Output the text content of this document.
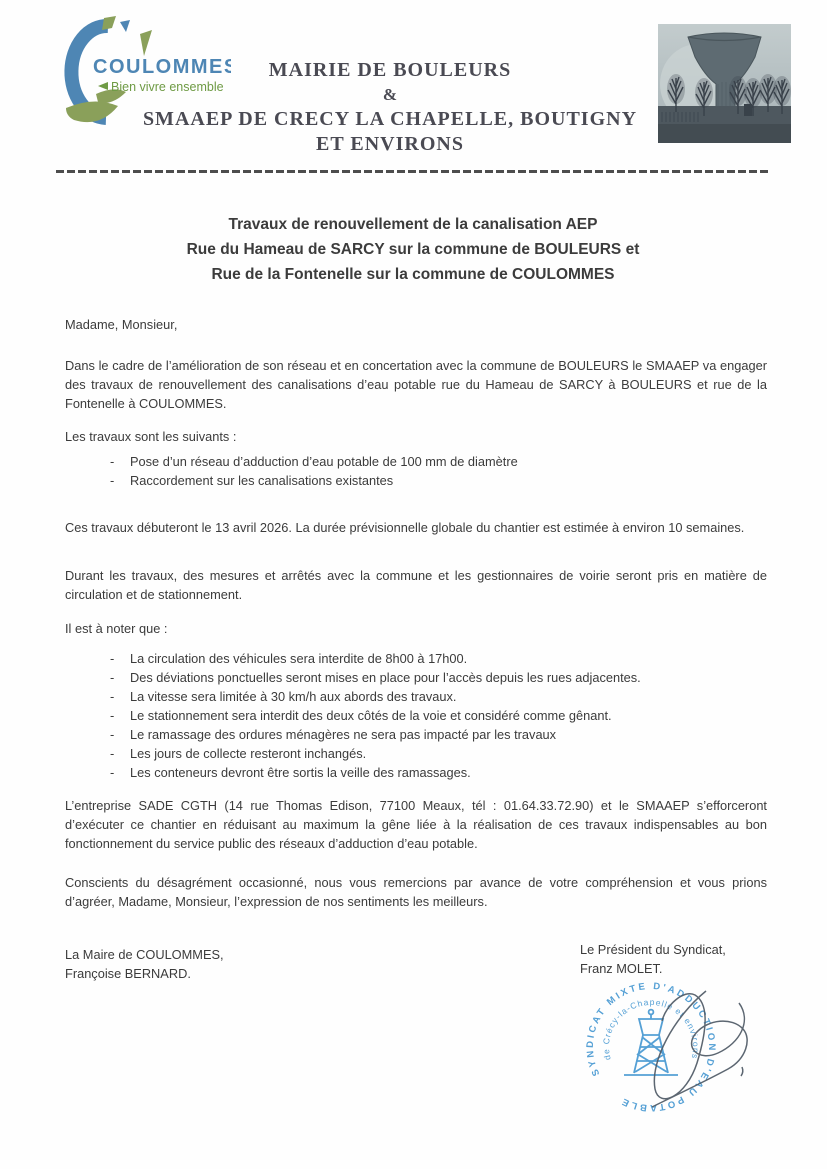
COULOMMES
Bien vivre ensemble
MAIRIE DE BOULEURS
&
SMAAEP DE CRECY LA CHAPELLE, BOUTIGNY
ET ENVIRONS
Travaux de renouvellement de la canalisation AEP
Rue du Hameau de SARCY sur la commune de BOULEURS et
Rue de la Fontenelle sur la commune de COULOMMES
Madame, Monsieur,
Dans le cadre de l’amélioration de son réseau et en concertation avec la commune de BOULEURS le SMAAEP va engager des travaux de renouvellement des canalisations d’eau potable rue du Hameau de SARCY à BOULEURS et rue de la Fontenelle à COULOMMES.
Les travaux sont les suivants :
- Pose d’un réseau d’adduction d’eau potable de 100 mm de diamètre
- Raccordement sur les canalisations existantes
Ces travaux débuteront le 13 avril 2026. La durée prévisionnelle globale du chantier est estimée à environ 10 semaines.
Durant les travaux, des mesures et arrêtés avec la commune et les gestionnaires de voirie seront pris en matière de circulation et de stationnement.
Il est à noter que :
- La circulation des véhicules sera interdite de 8h00 à 17h00.
- Des déviations ponctuelles seront mises en place pour l’accès depuis les rues adjacentes.
- La vitesse sera limitée à 30 km/h aux abords des travaux.
- Le stationnement sera interdit des deux côtés de la voie et considéré comme gênant.
- Le ramassage des ordures ménagères ne sera pas impacté par les travaux
- Les jours de collecte resteront inchangés.
- Les conteneurs devront être sortis la veille des ramassages.
L’entreprise SADE CGTH (14 rue Thomas Edison, 77100 Meaux, tél : 01.64.33.72.90) et le SMAAEP s’efforceront d’exécuter ce chantier en réduisant au maximum la gêne liée à la réalisation de ces travaux indispensables au bon fonctionnement du service public des réseaux d’adduction d’eau potable.
Conscients du désagrément occasionné, nous vous remercions par avance de votre compréhension et vous prions d’agréer, Madame, Monsieur, l’expression de nos sentiments les meilleurs.
La Maire de COULOMMES,
Françoise BERNARD.
Le Président du Syndicat,
Franz MOLET.
SYNDICAT MIXTE D'ADDUCTION D'EAU POTABLE
de Crécy-la-Chapelle et environs
